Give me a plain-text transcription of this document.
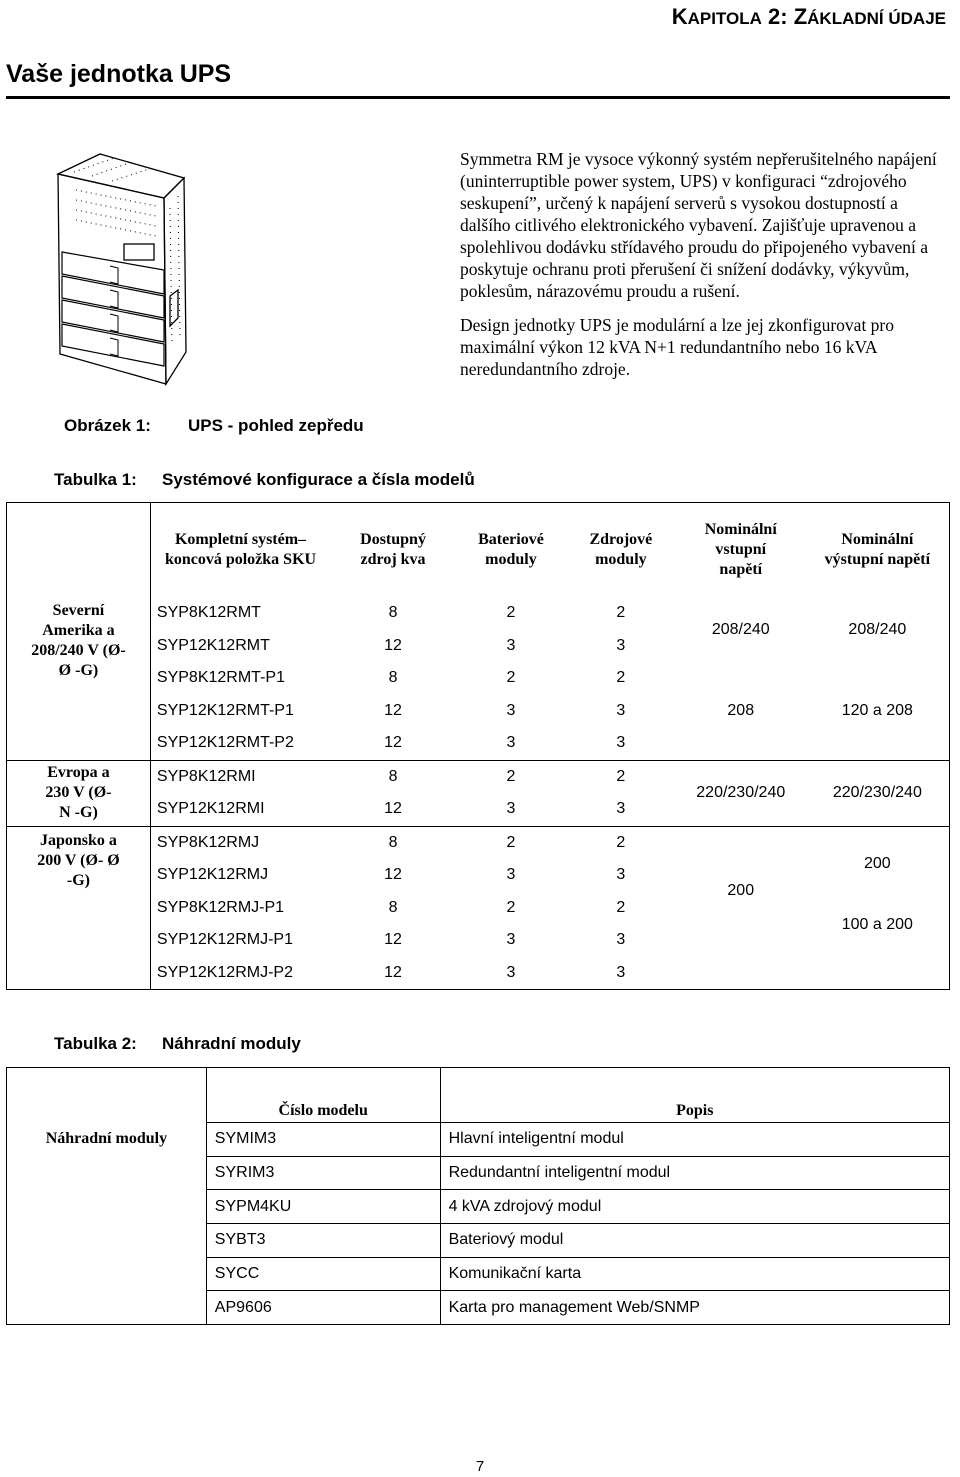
KAPITOLA 2: ZÁKLADNÍ ÚDAJE
Vaše jednotka UPS
Obrázek 1: UPS - pohled zepředu

Symmetra RM je vysoce výkonný systém nepřerušitelného napájení (uninterruptible power system, UPS) v konfiguraci “zdrojového seskupení”, určený k napájení serverů s vysokou dostupností a dalšího citlivého elektronického vybavení. Zajišťuje upravenou a spolehlivou dodávku střídavého proudu do připojeného vybavení a poskytuje ochranu proti přerušení či snížení dodávky, výkyvům, poklesům, nárazovému proudu a rušení.

Design jednotky UPS je modulární a lze jej zkonfigurovat pro maximální výkon 12 kVA N+1 redundantního nebo 16 kVA neredundantního zdroje.

Tabulka 1: Systémové konfigurace a čísla modelů
	Kompletní systém– koncová položka SKU	Dostupný zdroj kva	Bateriové moduly	Zdrojové moduly	Nominální vstupní napětí	Nominální výstupní napětí
Severní Amerika a 208/240 V (Ø- Ø -G)	SYP8K12RMT	8	2	2	208/240	208/240
	SYP12K12RMT	12	3	3		
	SYP8K12RMT-P1	8	2	2	208	120 a 208
	SYP12K12RMT-P1	12	3	3		
	SYP12K12RMT-P2	12	3	3		
Evropa a 230 V (Ø- N -G)	SYP8K12RMI	8	2	2	220/230/240	220/230/240
	SYP12K12RMI	12	3	3		
Japonsko a 200 V (Ø- Ø -G)	SYP8K12RMJ	8	2	2	200	200
	SYP12K12RMJ	12	3	3		
	SYP8K12RMJ-P1	8	2	2		100 a 200
	SYP12K12RMJ-P1	12	3	3		
	SYP12K12RMJ-P2	12	3	3		
Tabulka 2: Náhradní moduly
	Číslo modelu	Popis
Náhradní moduly	SYMIM3	Hlavní inteligentní modul
	SYRIM3	Redundantní inteligentní modul
	SYPM4KU	4 kVA zdrojový modul
	SYBT3	Bateriový modul
	SYCC	Komunikační karta
	AP9606	Karta pro management Web/SNMP
7
